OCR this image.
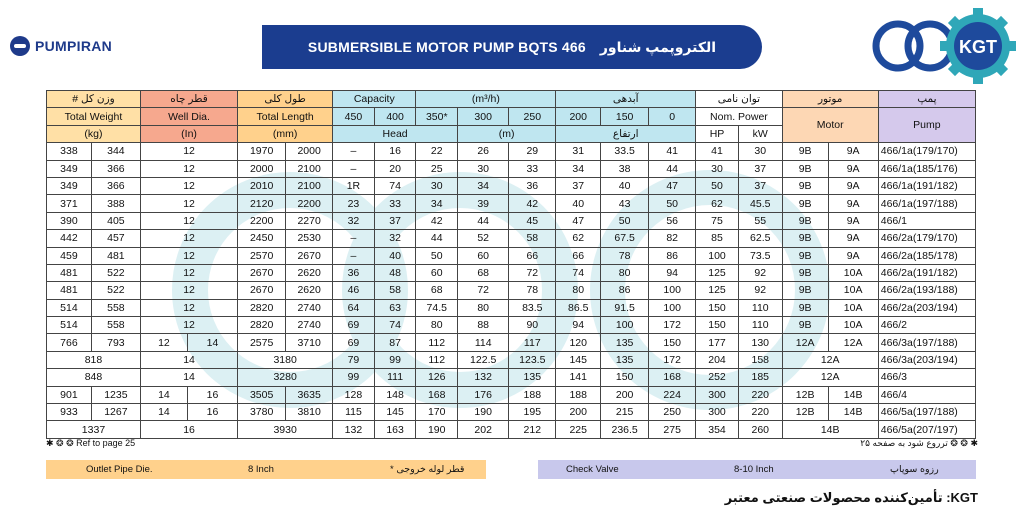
PUMPIRAN	SUBMERSIBLE MOTOR PUMP BQTS 466 الکتروپمپ شناور	KGT
# وزن کل		قطر چاه		طول کلی		Capacity		(m³/h)			آبدهی			توان نامی		موتور		پمپ
Total Weight		Well Dia.		Total Length		450	400	350*	300	250	200	150	0	Nom. Power		Motor		Pump
(kg)		(In)		(mm)		Head			(m)		ارتفاع			HP	kW			
338	344	12		1970	2000	–	16	22	26	29	31	33.5	41	41	30	9B	9A	466/1a(179/170)
349	366	12		2000	2100	–	20	25	30	33	34	38	44	30	37	9B	9A	466/1a(185/176)
349	366	12		2010	2100	1R	74	30	34	36	37	40	47	50	37	9B	9A	466/1a(191/182)
371	388	12		2120	2200	23	33	34	39	42	40	43	50	62	45.5	9B	9A	466/1a(197/188)
390	405	12		2200	2270	32	37	42	44	45	47	50	56	75	55	9B	9A	466/1
442	457	12		2450	2530	–	32	44	52	58	62	67.5	82	85	62.5	9B	9A	466/2a(179/170)
459	481	12		2570	2670	–	40	50	60	66	66	78	86	100	73.5	9B	9A	466/2a(185/178)
481	522	12		2670	2620	36	48	60	68	72	74	80	94	125	92	9B	10A	466/2a(191/182)
481	522	12		2670	2620	46	58	68	72	78	80	86	100	125	92	9B	10A	466/2a(193/188)
514	558	12		2820	2740	64	63	74.5	80	83.5	86.5	91.5	100	150	110	9B	10A	466/2a(203/194)
514	558	12		2820	2740	69	74	80	88	90	94	100	172	150	110	9B	10A	466/2
766	793	12	14	2575	3710	69	87	112	114	117	120	135	150	177	130	12A	12A	466/3a(197/188)
818		14		3180		79	99	112	122.5	123.5	145	135	172	204	158	12A		466/3a(203/194)
848		14		3280		99	111	126	132	135	141	150	168	252	185	12A		466/3
901	1235	14	16	3505	3635	128	148	168	176	188	188	200	224	300	220	12B	14B	466/4
933	1267	14	16	3780	3810	115	145	170	190	195	200	215	250	300	220	12B	14B	466/5a(197/188)
1337		16		3930		132	163	190	202	212	225	236.5	275	354	260	14B		466/5a(207/197)
✱ ❂ ❂ Ref to page 25	✱ ❂ ❂ ترروع شود به صفحه ۲۵
Outlet Pipe Die.	8 Inch	قطر لوله خروجی *	Check Valve	8-10 Inch	رزوه سوپاپ
KGT: تأمین‌کننده محصولات صنعتی معتبر
